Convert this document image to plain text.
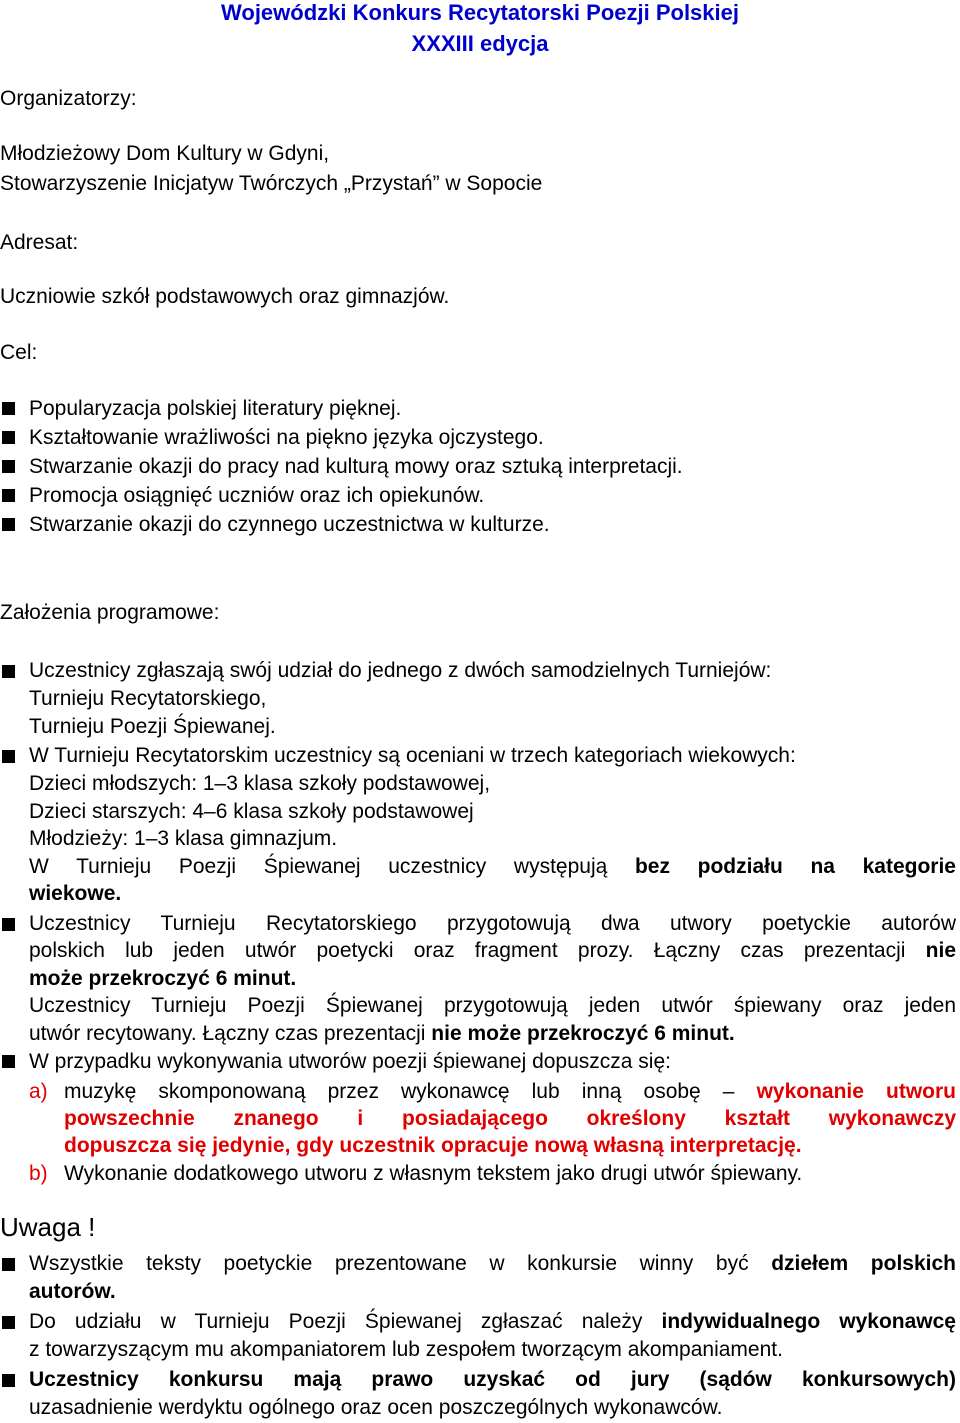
Wojewódzki Konkurs Recytatorski Poezji Polskiej
XXXIII edycja
Organizatorzy:
Młodzieżowy Dom Kultury w Gdyni,
Stowarzyszenie Inicjatyw Twórczych „Przystań” w Sopocie
Adresat:
Uczniowie szkół podstawowych oraz gimnazjów.
Cel:
Popularyzacja polskiej literatury pięknej.
Kształtowanie wrażliwości na piękno języka ojczystego.
Stwarzanie okazji do pracy nad kulturą mowy oraz sztuką interpretacji.
Promocja osiągnięć uczniów oraz ich opiekunów.
Stwarzanie okazji do czynnego uczestnictwa w kulturze.
Założenia programowe:
Uczestnicy zgłaszają swój udział do jednego z dwóch samodzielnych Turniejów:
Turnieju Recytatorskiego,
Turnieju Poezji Śpiewanej.
W Turnieju Recytatorskim uczestnicy są oceniani w trzech kategoriach wiekowych:
Dzieci młodszych: 1–3 klasa szkoły podstawowej,
Dzieci starszych: 4–6 klasa szkoły podstawowej
Młodzieży: 1–3 klasa gimnazjum.
W Turnieju Poezji Śpiewanej uczestnicy występują bez podziału na kategorie
wiekowe.
Uczestnicy Turnieju Recytatorskiego przygotowują dwa utwory poetyckie autorów
polskich lub jeden utwór poetycki oraz fragment prozy. Łączny czas prezentacji nie
może przekroczyć 6 minut.
Uczestnicy Turnieju Poezji Śpiewanej przygotowują jeden utwór śpiewany oraz jeden
utwór recytowany. Łączny czas prezentacji nie może przekroczyć 6 minut.
W przypadku wykonywania utworów poezji śpiewanej dopuszcza się:
a) muzykę skomponowaną przez wykonawcę lub inną osobę – wykonanie utworu
powszechnie znanego i posiadającego określony kształt wykonawczy
dopuszcza się jedynie, gdy uczestnik opracuje nową własną interpretację.
b) Wykonanie dodatkowego utworu z własnym tekstem jako drugi utwór śpiewany.
Uwaga !
Wszystkie teksty poetyckie prezentowane w konkursie winny być dziełem polskich
autorów.
Do udziału w Turnieju Poezji Śpiewanej zgłaszać należy indywidualnego wykonawcę
z towarzyszącym mu akompaniatorem lub zespołem tworzącym akompaniament.
Uczestnicy konkursu mają prawo uzyskać od jury (sądów konkursowych)
uzasadnienie werdyktu ogólnego oraz ocen poszczególnych wykonawców.
